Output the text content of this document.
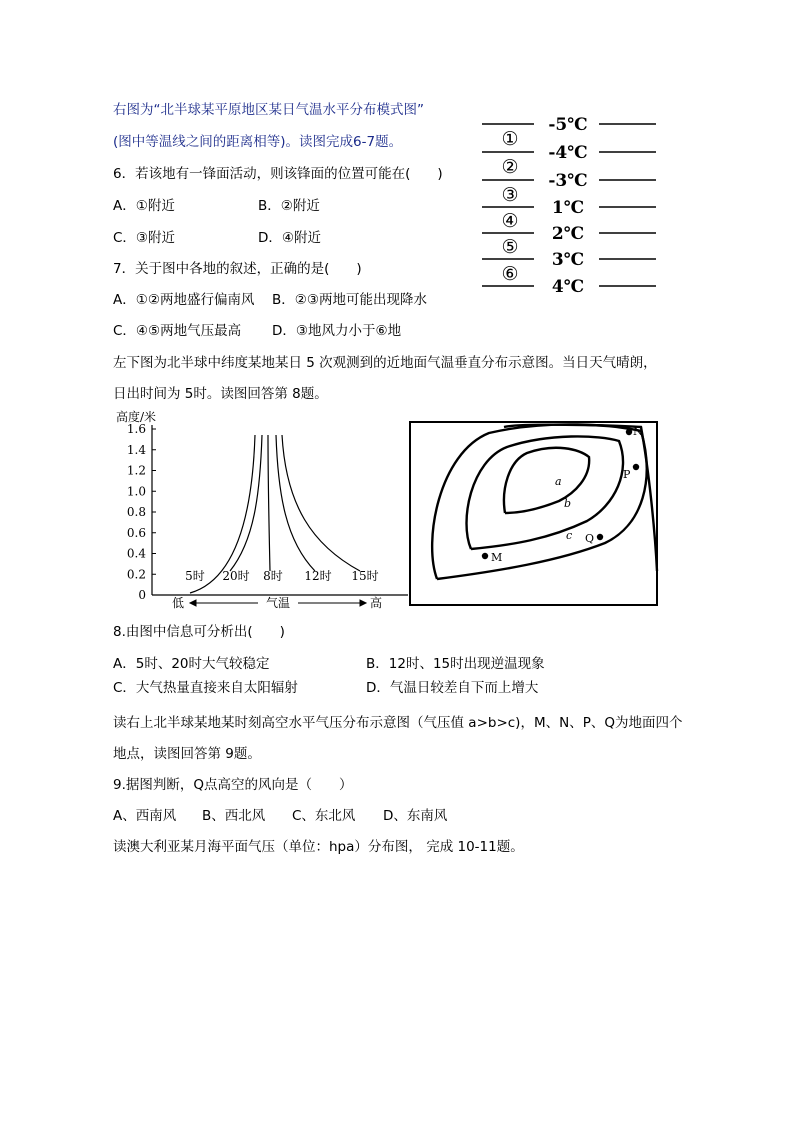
右图为“北半球某平原地区某日气温水平分布模式图”
(图中等温线之间的距离相等)。读图完成6-7题。
6．若该地有一锋面活动，则该锋面的位置可能在(　　)
A．①附近	B．②附近
C．③附近	D．④附近
7．关于图中各地的叙述，正确的是(　　)
A．①②两地盛行偏南风 B．②③两地可能出现降水
C．④⑤两地气压最高 D．③地风力小于⑥地
-5℃
-4℃
-3℃
1℃
2℃
3℃
4℃
①
②
③
④
⑤
⑥
左下图为北半球中纬度某地某日 5 次观测到的近地面气温垂直分布示意图。当日天气晴朗，
日出时间为 5时。读图回答第 8题。
高度/米
0
0.2
0.4
0.6
0.8
1.0
1.2
1.4
1.6
5时 20时 8时 12时 15时
低	气温	高
a
b
c
N
P
Q
M
8.由图中信息可分析出(　　)
A．5时、20时大气较稳定	B．12时、15时出现逆温现象
C．大气热量直接来自太阳辐射	D．气温日较差自下而上增大
读右上北半球某地某时刻高空水平气压分布示意图（气压值 a>b>c)，M、N、P、Q为地面四个
地点，读图回答第 9题。
9.据图判断，Q点高空的风向是（　　）
A、西南风 B、西北风 C、东北风 D、东南风
读澳大利亚某月海平面气压（单位：hpa）分布图， 完成 10-11题。
